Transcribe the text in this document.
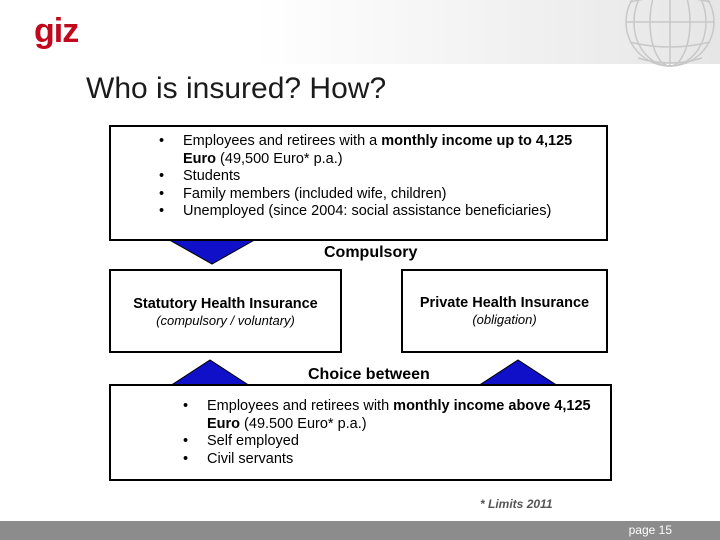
giz
Who is insured? How?
• Employees and retirees with a monthly income up to 4,125 Euro (49,500 Euro* p.a.)
• Students
• Family members (included wife, children)
• Unemployed (since 2004: social assistance beneficiaries)
Compulsory
Statutory Health Insurance
(compulsory / voluntary)
Private Health Insurance
(obligation)
Choice between
• Employees and retirees with monthly income above 4,125 Euro (49.500 Euro* p.a.)
• Self employed
• Civil servants
* Limits 2011
page 15
